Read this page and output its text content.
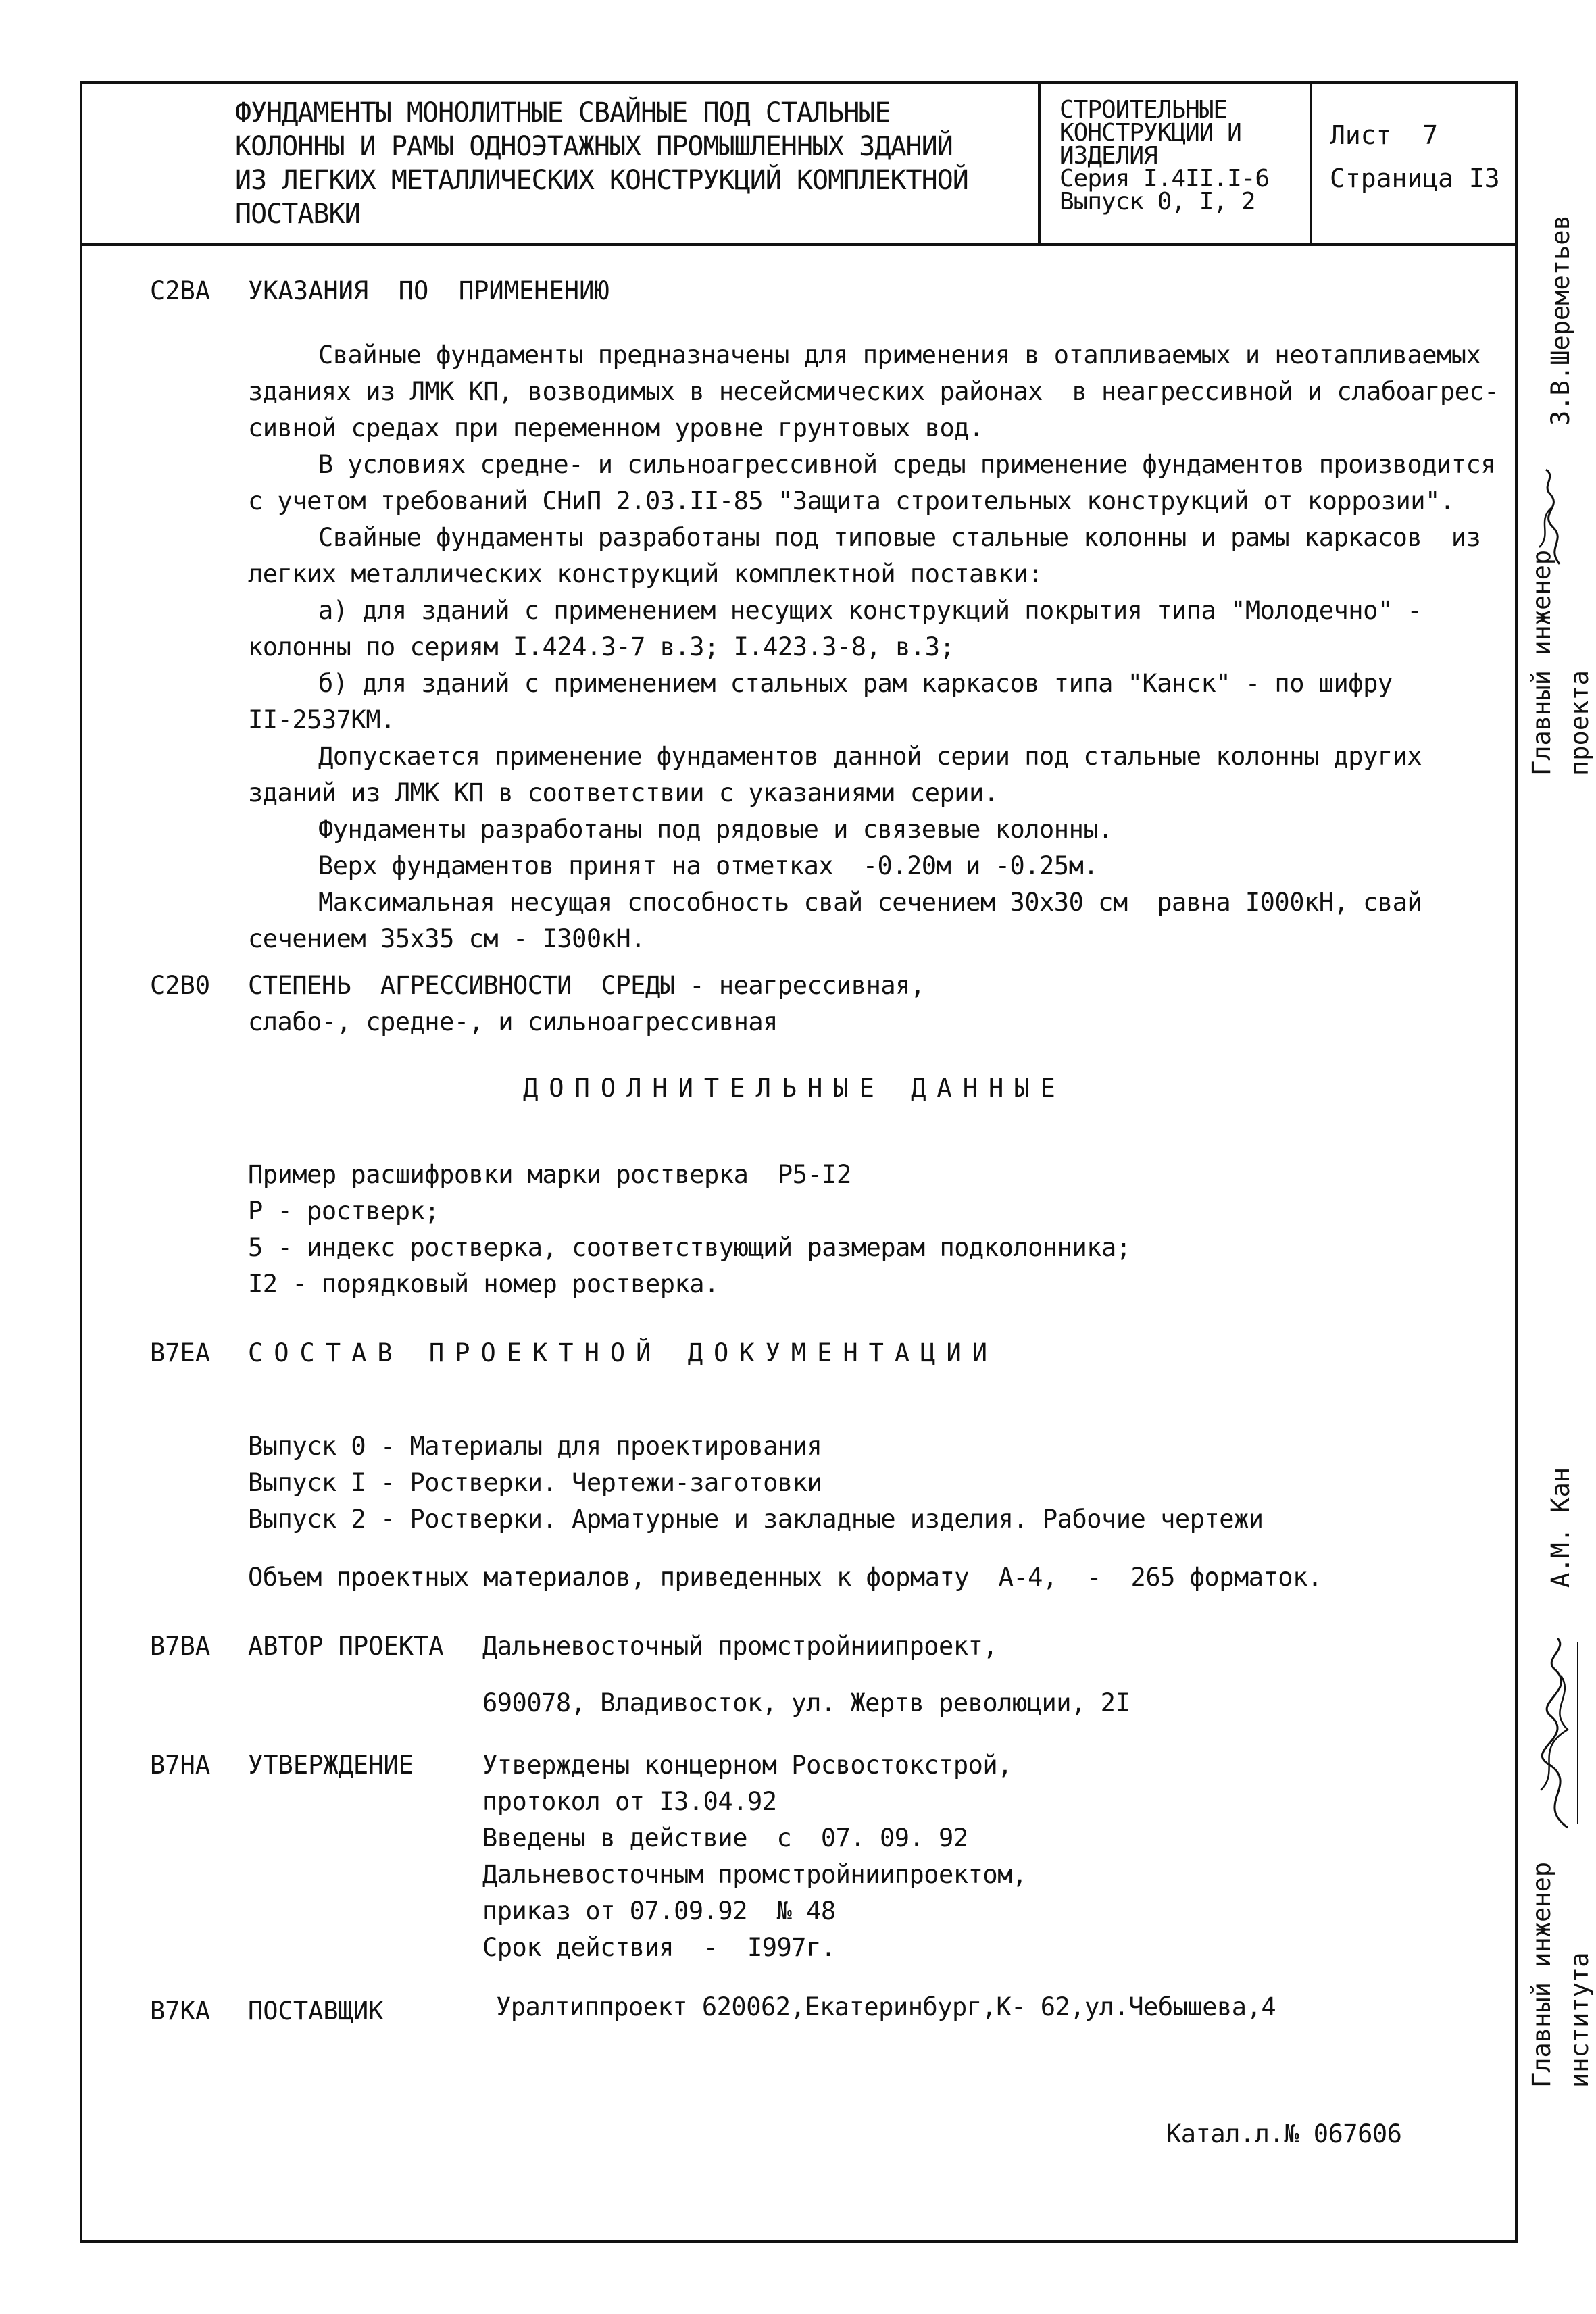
ФУНДАМЕНТЫ МОНОЛИТНЫЕ СВАЙНЫЕ ПОД СТАЛЬНЫЕ
КОЛОННЫ И РАМЫ ОДНОЭТАЖНЫХ ПРОМЫШЛЕННЫХ ЗДАНИЙ
ИЗ ЛЕГКИХ МЕТАЛЛИЧЕСКИХ КОНСТРУКЦИЙ КОМПЛЕКТНОЙ
ПОСТАВКИ
СТРОИТЕЛЬНЫЕ
КОНСТРУКЦИИ И
ИЗДЕЛИЯ
Серия I.4II.I-6
Выпуск 0, I, 2
Лист  7
Страница I3
С2ВА УКАЗАНИЯ  ПО  ПРИМЕНЕНИЮ
Свайные фундаменты предназначены для применения в отапливаемых и неотапливаемых
зданиях из ЛМК КП, возводимых в несейсмических районах  в неагрессивной и слабоагрес-
сивной средах при переменном уровне грунтовых вод.
В условиях средне- и сильноагрессивной среды применение фундаментов производится
с учетом требований СНиП 2.03.II-85 "Защита строительных конструкций от коррозии".
Свайные фундаменты разработаны под типовые стальные колонны и рамы каркасов  из
легких металлических конструкций комплектной поставки:
а) для зданий с применением несущих конструкций покрытия типа "Молодечно" -
колонны по сериям I.424.3-7 в.3; I.423.3-8, в.3;
б) для зданий с применением стальных рам каркасов типа "Канск" - по шифру
II-2537КМ.
Допускается применение фундаментов данной серии под стальные колонны других
зданий из ЛМК КП в соответствии с указаниями серии.
Фундаменты разработаны под рядовые и связевые колонны.
Верх фундаментов принят на отметках  -0.20м и -0.25м.
Максимальная несущая способность свай сечением 30х30 см  равна I000кН, свай
сечением 35х35 см - I300кН.
С2В0 СТЕПЕНЬ  АГРЕССИВНОСТИ  СРЕДЫ - неагрессивная,
слабо-, средне-, и сильноагрессивная
ДОПОЛНИТЕЛЬНЫЕ ДАННЫЕ
Пример расшифровки марки ростверка  Р5-I2
Р - ростверк;
5 - индекс ростверка, соответствующий размерам подколонника;
I2 - порядковый номер ростверка.
В7ЕА СОСТАВ ПРОЕКТНОЙ ДОКУМЕНТАЦИИ
Выпуск 0 - Материалы для проектирования
Выпуск I - Ростверки. Чертежи-заготовки
Выпуск 2 - Ростверки. Арматурные и закладные изделия. Рабочие чертежи
Объем проектных материалов, приведенных к формату  А-4,  -  265 форматок.
В7ВА АВТОР ПРОЕКТА Дальневосточный промстройниипроект,
690078, Владивосток, ул. Жертв революции, 2I
В7НА УТВЕРЖДЕНИЕ	Утверждены концерном Росвостокстрой,
протокол от I3.04.92
Введены в действие  с  07. 09. 92
Дальневосточным промстройниипроектом,
приказ от 07.09.92  № 48
Срок действия  -  I997г.
В7КА ПОСТАВЩИК	Уралтиппроект 620062,Екатеринбург,К- 62,ул.Чебышева,4
Катал.л.№ 067606
Главный инженер проекта
З.В.Шереметьев
Главный инженер института
А.М. Кан
